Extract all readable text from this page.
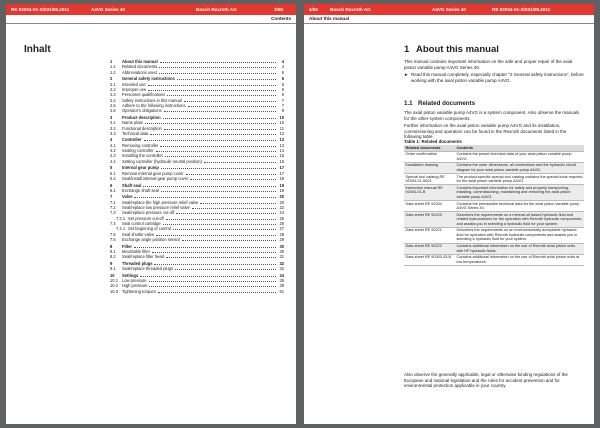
RE 92004-01-S/031/09.2011	A4VG Series 40	Bosch Rexroth AG	3/60
Contents
Inhalt
1 About this manual	4
1.1 Related documents	4
1.2 Abbreviations used	5
2 General safety instructions	6
2.1 Intended use	6
2.2 Improper use	6
2.3 Personnel qualifications	6
2.4 Safety instructions in this manual	7
2.5 Adhere to the following instructions	7
2.6 Operator's obligations	9
3 Product description	10
3.1 Name plate	10
3.2 Functional description	11
3.3 Technical data	12
4 Controller	13
4.1 Removing controller	13
4.2 Sealing controller	14
4.3 Installing the controller	15
4.4 Setting controller (hydraulic neutral position)	16
5 Internal gear pump	17
5.1 Remove internal gear pump cover	17
5.2 Seal/install internal gear pump cover	19
6 Shaft seal	19
6.1 Exchange shaft seal	19
7 Valve	20
7.1 Seal/replace the high pressure relief valve	20
7.2 Seal/replace low pressure relief valve	22
7.3 Seal/replace pressure cut-off	24
7.3.1 Set pressure cut-off	25
7.4 Seal control cartridge	26
7.4.1 Set beginning of control	27
7.5 Seal shuttle valve	28
7.6 Exchange angle position sensor	29
8 Filter	30
8.1 Mountable filter	30
8.2 Seal/replace filter head	31
9 Threaded plugs	32
9.1 Seal/replace threaded plugs	32
10 Settings	34
10.1 Low pressure	35
10.2 High pressure	39
10.3 Tightening torques	51
4/60	Bosch Rexroth AG	A4VG Series 40	RE 92004-01-S/031/09.2011
About this manual
1 About this manual
This manual contains important information on the safe and proper repair of the axial piston variable pump A4VG Series 40.
► Read this manual completely, especially chapter "2 General safety instructions", before working with the axial piston variable pump A4VG.
1.1 Related documents
The axial piston variable pump A4VG is a system component. Also observe the manuals for the other system components.
Further information on the axial piston variable pump A4VG and its installation, commissioning and operation can be found in the Rexroth documents listed in the following table.
Table 1: Related documents
Related documents	Contents
Order confirmation	Contains the preset technical data of your axial piston variable pump A4VG.
Installation drawing	Contains the outer dimensions, all connections and the hydraulic circuit diagram for your axial piston variable pump A4VG.
Special tool catalog RE 92004-01-S601	The product-specific special tool catalog contains the special tools required for the axial piston variable pump A4VG.
Instruction manual RE 92004-01-B	Contains important information for safely and properly transporting, installing, commissioning, maintaining and removing the axial piston variable pump A4VG.
Data sheet RE 92004	Contains the permissible technical data for the axial piston variable pump A4VG Series 40.
Data sheet RE 90220	Describes the requirements on a mineral-oil based hydraulic fluid and related hydrocarbons for the operation with Rexroth hydraulic components, and assists you in selecting a hydraulic fluid for your system.
Data sheet RE 90221	Describes the requirements on an environmentally acceptable hydraulic fluid for operation with Rexroth hydraulic components and assists you in selecting a hydraulic fluid for your system.
Data sheet RE 90222	Contains additional information on the use of Rexroth axial piston units with HF hydraulic fluids.
Data sheet RE 90300-03-B	Contains additional information on the use of Rexroth axial piston units at low temperatures.
Also observe the generally applicable, legal or otherwise binding regulations of the European and national legislation and the rules for accident prevention and for environmental protection applicable in your country.
